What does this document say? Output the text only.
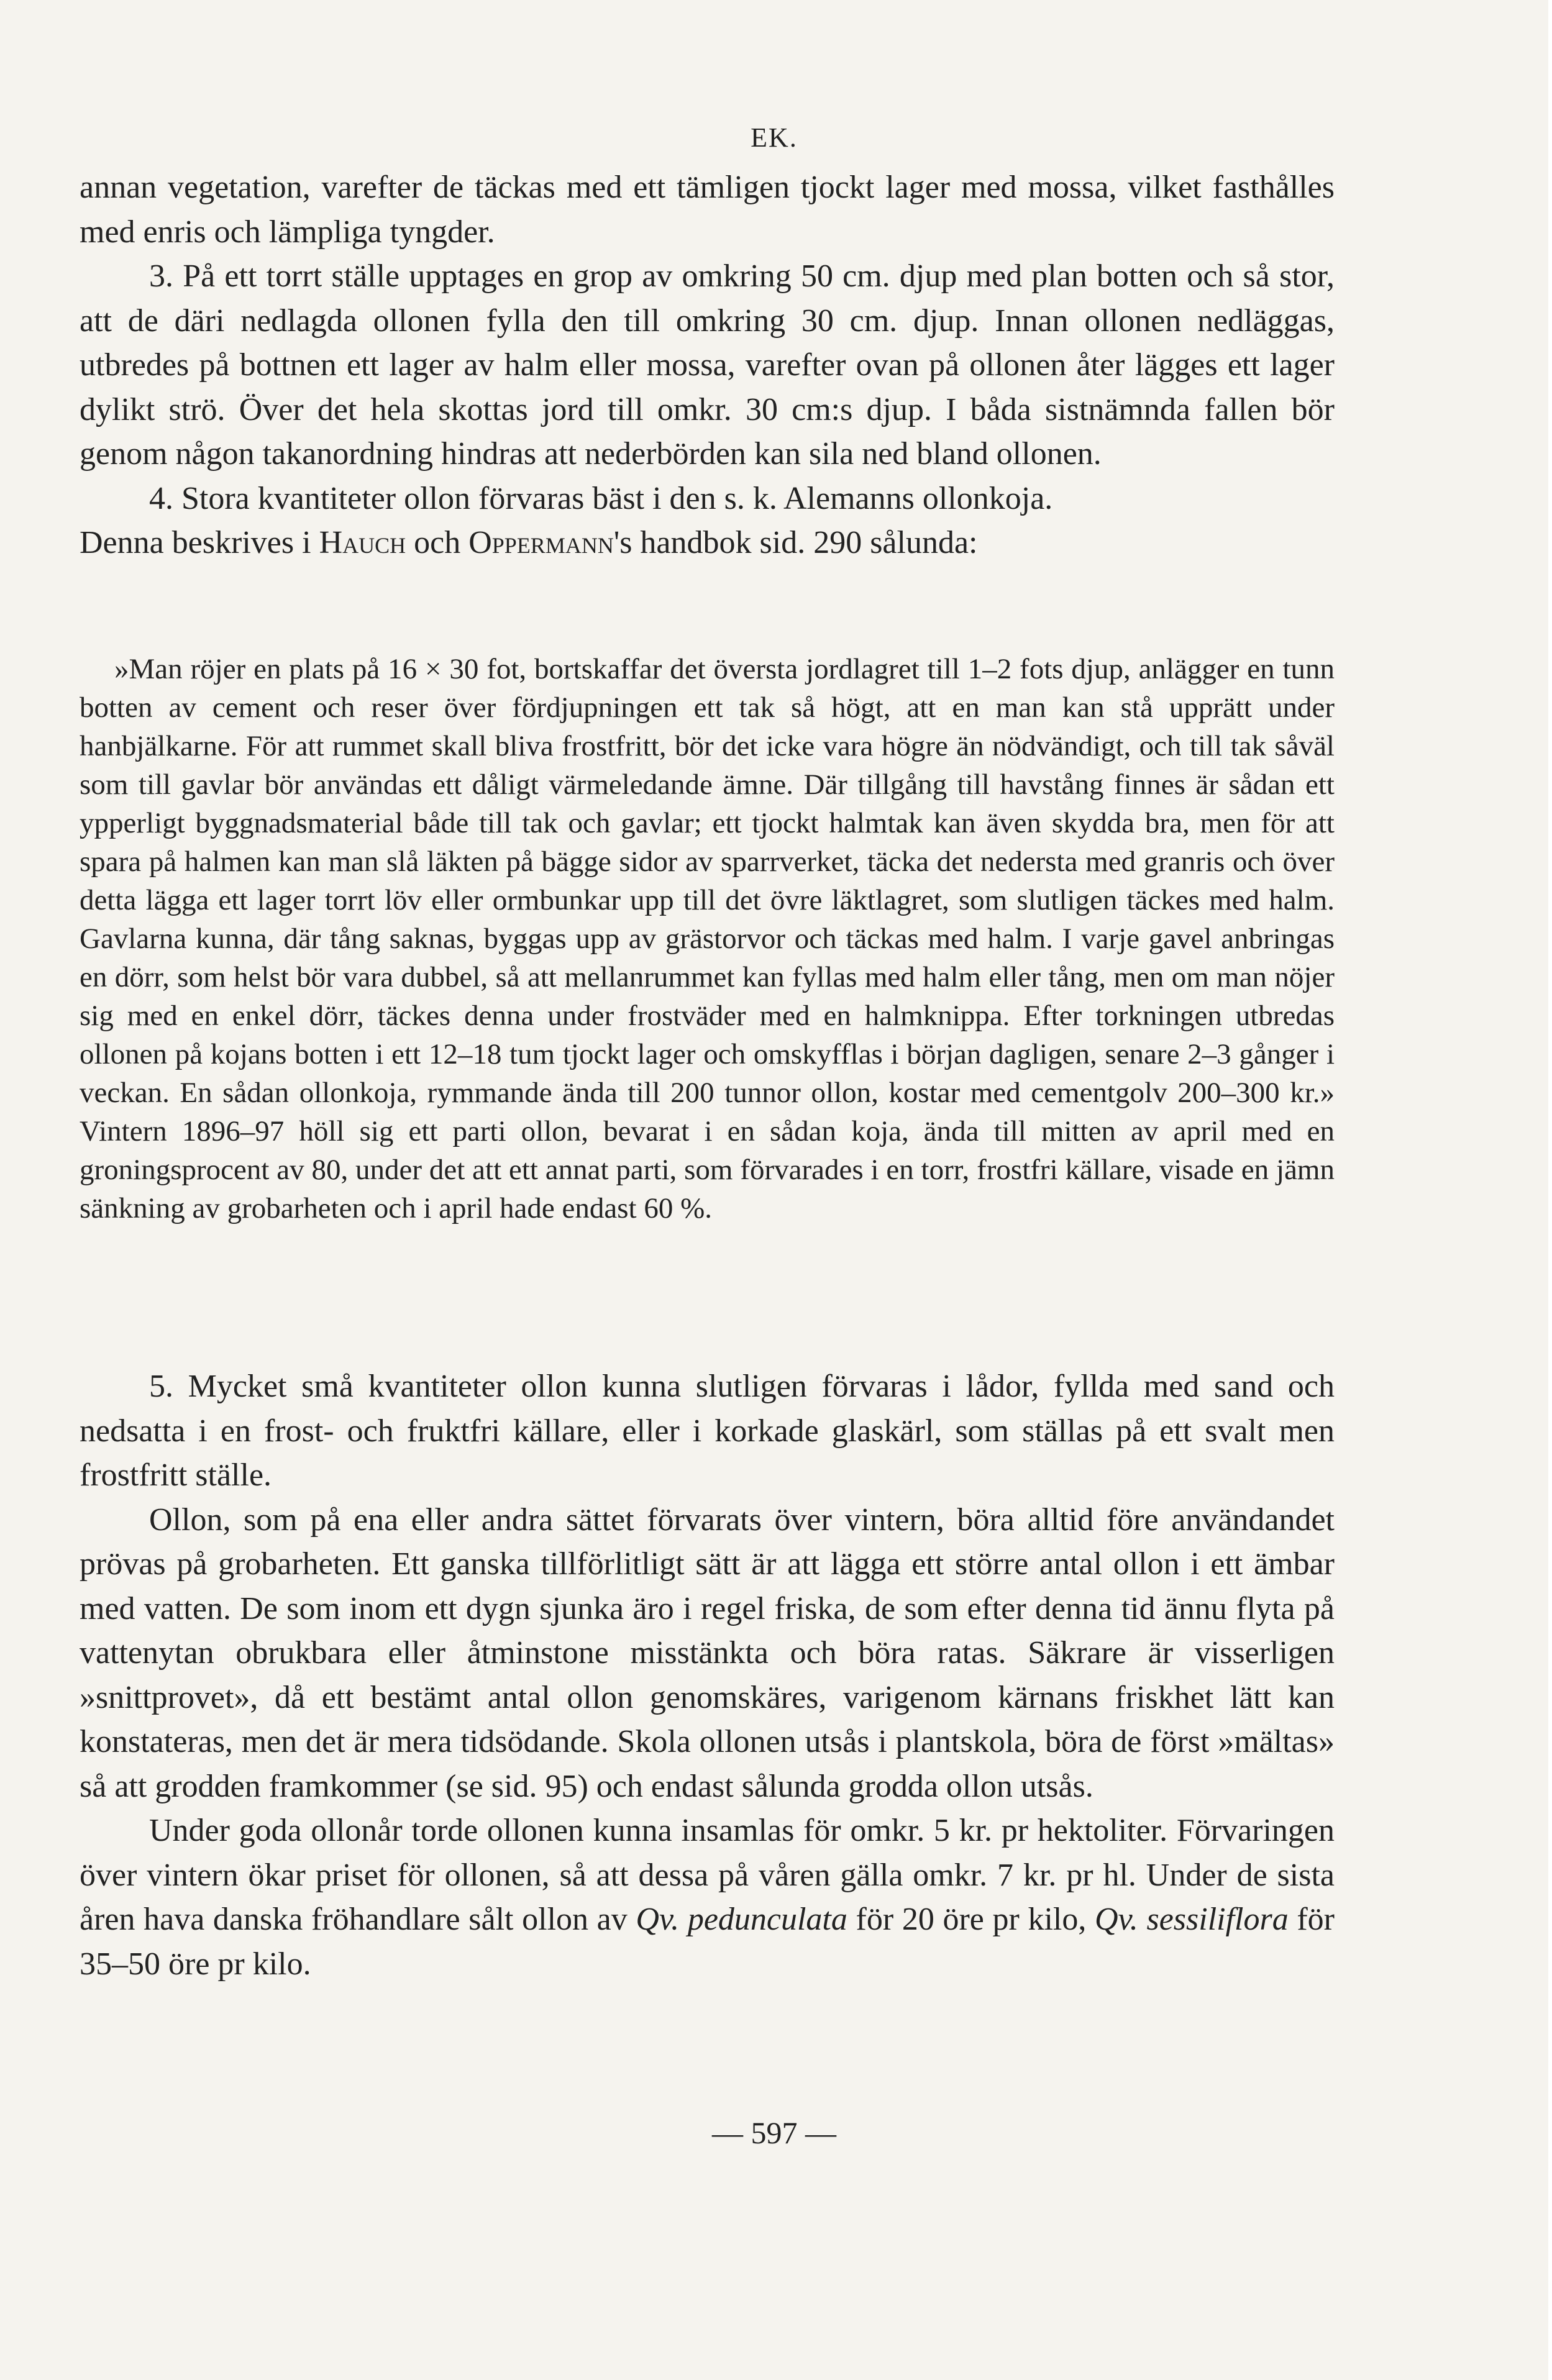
EK.

annan vegetation, varefter de täckas med ett tämligen tjockt lager med mossa, vilket fasthålles med enris och lämpliga tyngder.

3. På ett torrt ställe upptages en grop av omkring 50 cm. djup med plan botten och så stor, att de däri nedlagda ollonen fylla den till omkring 30 cm. djup. Innan ollonen nedläggas, utbredes på bottnen ett lager av halm eller mossa, varefter ovan på ollonen åter lägges ett lager dylikt strö. Över det hela skottas jord till omkr. 30 cm:s djup. I båda sistnämnda fallen bör genom någon takanordning hindras att nederbörden kan sila ned bland ollonen.

4. Stora kvantiteter ollon förvaras bäst i den s. k. Alemanns ollonkoja.

Denna beskrives i Hauch och Oppermann's handbok sid. 290 sålunda:

»Man röjer en plats på 16 × 30 fot, bortskaffar det översta jordlagret till 1–2 fots djup, anlägger en tunn botten av cement och reser över fördjupningen ett tak så högt, att en man kan stå upprätt under hanbjälkarne. För att rummet skall bliva frostfritt, bör det icke vara högre än nödvändigt, och till tak såväl som till gavlar bör användas ett dåligt värmeledande ämne. Där tillgång till havstång finnes är sådan ett ypperligt byggnadsmaterial både till tak och gavlar; ett tjockt halmtak kan även skydda bra, men för att spara på halmen kan man slå läkten på bägge sidor av sparrverket, täcka det nedersta med granris och över detta lägga ett lager torrt löv eller ormbunkar upp till det övre läktlagret, som slutligen täckes med halm. Gavlarna kunna, där tång saknas, byggas upp av grästorvor och täckas med halm. I varje gavel anbringas en dörr, som helst bör vara dubbel, så att mellanrummet kan fyllas med halm eller tång, men om man nöjer sig med en enkel dörr, täckes denna under frostväder med en halmknippa. Efter torkningen utbredas ollonen på kojans botten i ett 12–18 tum tjockt lager och omskyfflas i början dagligen, senare 2–3 gånger i veckan. En sådan ollonkoja, rymmande ända till 200 tunnor ollon, kostar med cementgolv 200–300 kr.» Vintern 1896–97 höll sig ett parti ollon, bevarat i en sådan koja, ända till mitten av april med en groningsprocent av 80, under det att ett annat parti, som förvarades i en torr, frostfri källare, visade en jämn sänkning av grobarheten och i april hade endast 60 %.

5. Mycket små kvantiteter ollon kunna slutligen förvaras i lådor, fyllda med sand och nedsatta i en frost- och fruktfri källare, eller i korkade glaskärl, som ställas på ett svalt men frostfritt ställe.

Ollon, som på ena eller andra sättet förvarats över vintern, böra alltid före användandet prövas på grobarheten. Ett ganska tillförlitligt sätt är att lägga ett större antal ollon i ett ämbar med vatten. De som inom ett dygn sjunka äro i regel friska, de som efter denna tid ännu flyta på vattenytan obrukbara eller åtminstone misstänkta och böra ratas. Säkrare är visserligen »snittprovet», då ett bestämt antal ollon genomskäres, varigenom kärnans friskhet lätt kan konstateras, men det är mera tidsödande. Skola ollonen utsås i plantskola, böra de först »mältas» så att grodden framkommer (se sid. 95) och endast sålunda grodda ollon utsås.

Under goda ollonår torde ollonen kunna insamlas för omkr. 5 kr. pr hektoliter. Förvaringen över vintern ökar priset för ollonen, så att dessa på våren gälla omkr. 7 kr. pr hl. Under de sista åren hava danska fröhandlare sålt ollon av Qv. pedunculata för 20 öre pr kilo, Qv. sessiliflora för 35–50 öre pr kilo.

— 597 —
